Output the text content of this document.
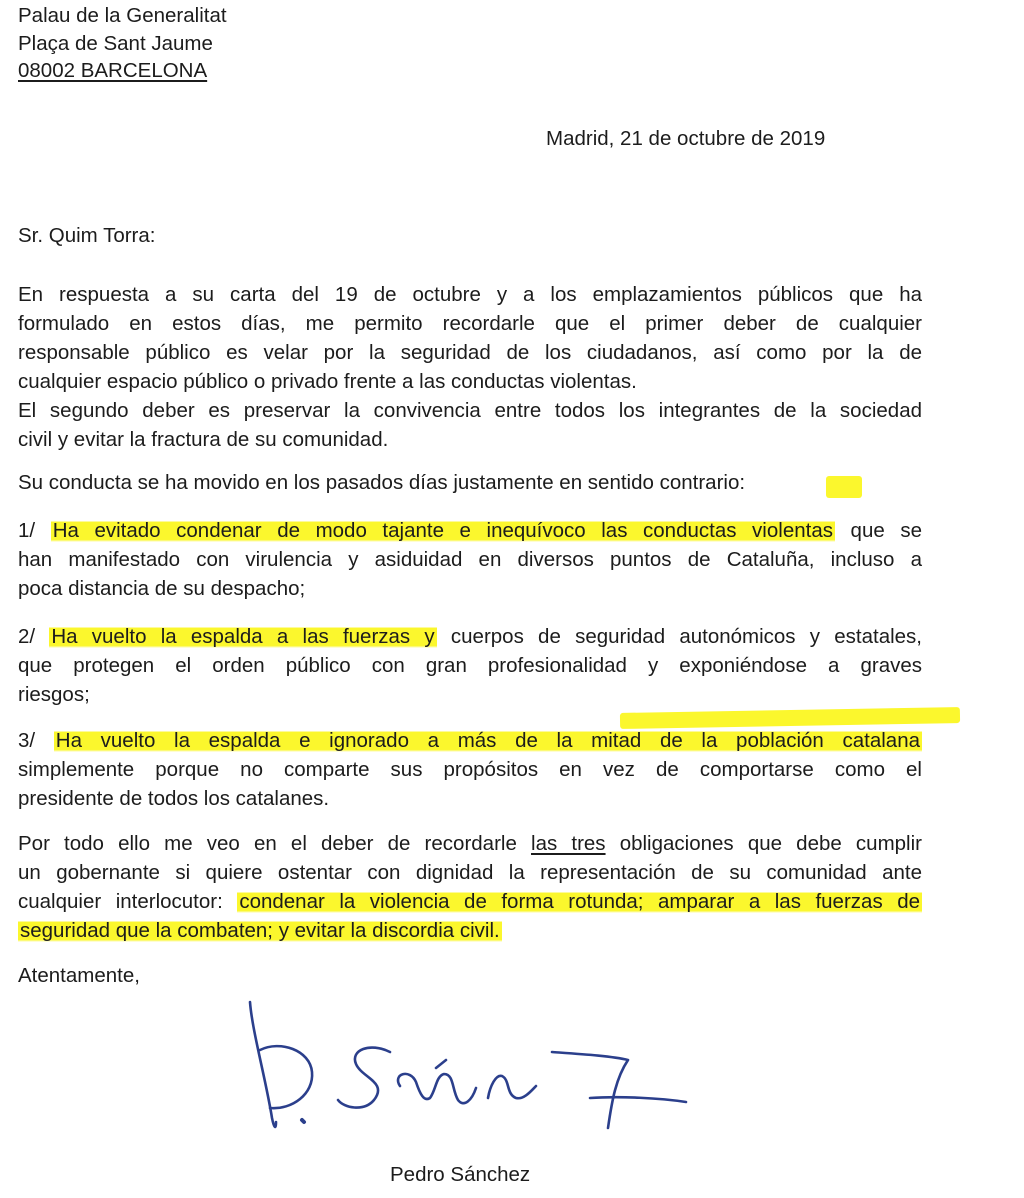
Palau de la Generalitat
Plaça de Sant Jaume
08002 BARCELONA
Madrid, 21 de octubre de 2019
Sr. Quim Torra:
En respuesta a su carta del 19 de octubre y a los emplazamientos públicos que ha
formulado en estos días, me permito recordarle que el primer deber de cualquier
responsable público es velar por la seguridad de los ciudadanos, así como por la de
cualquier espacio público o privado frente a las conductas violentas.
El segundo deber es preservar la convivencia entre todos los integrantes de la sociedad
civil y evitar la fractura de su comunidad.
Su conducta se ha movido en los pasados días justamente en sentido contrario:
1/ Ha evitado condenar de modo tajante e inequívoco las conductas violentas que se
han manifestado con virulencia y asiduidad en diversos puntos de Cataluña, incluso a
poca distancia de su despacho;
2/ Ha vuelto la espalda a las fuerzas y cuerpos de seguridad autonómicos y estatales,
que protegen el orden público con gran profesionalidad y exponiéndose a graves
riesgos;
3/ Ha vuelto la espalda e ignorado a más de la mitad de la población catalana
simplemente porque no comparte sus propósitos en vez de comportarse como el
presidente de todos los catalanes.
Por todo ello me veo en el deber de recordarle las tres obligaciones que debe cumplir
un gobernante si quiere ostentar con dignidad la representación de su comunidad ante
cualquier interlocutor: condenar la violencia de forma rotunda; amparar a las fuerzas de
seguridad que la combaten; y evitar la discordia civil.
Atentamente,
Pedro Sánchez
